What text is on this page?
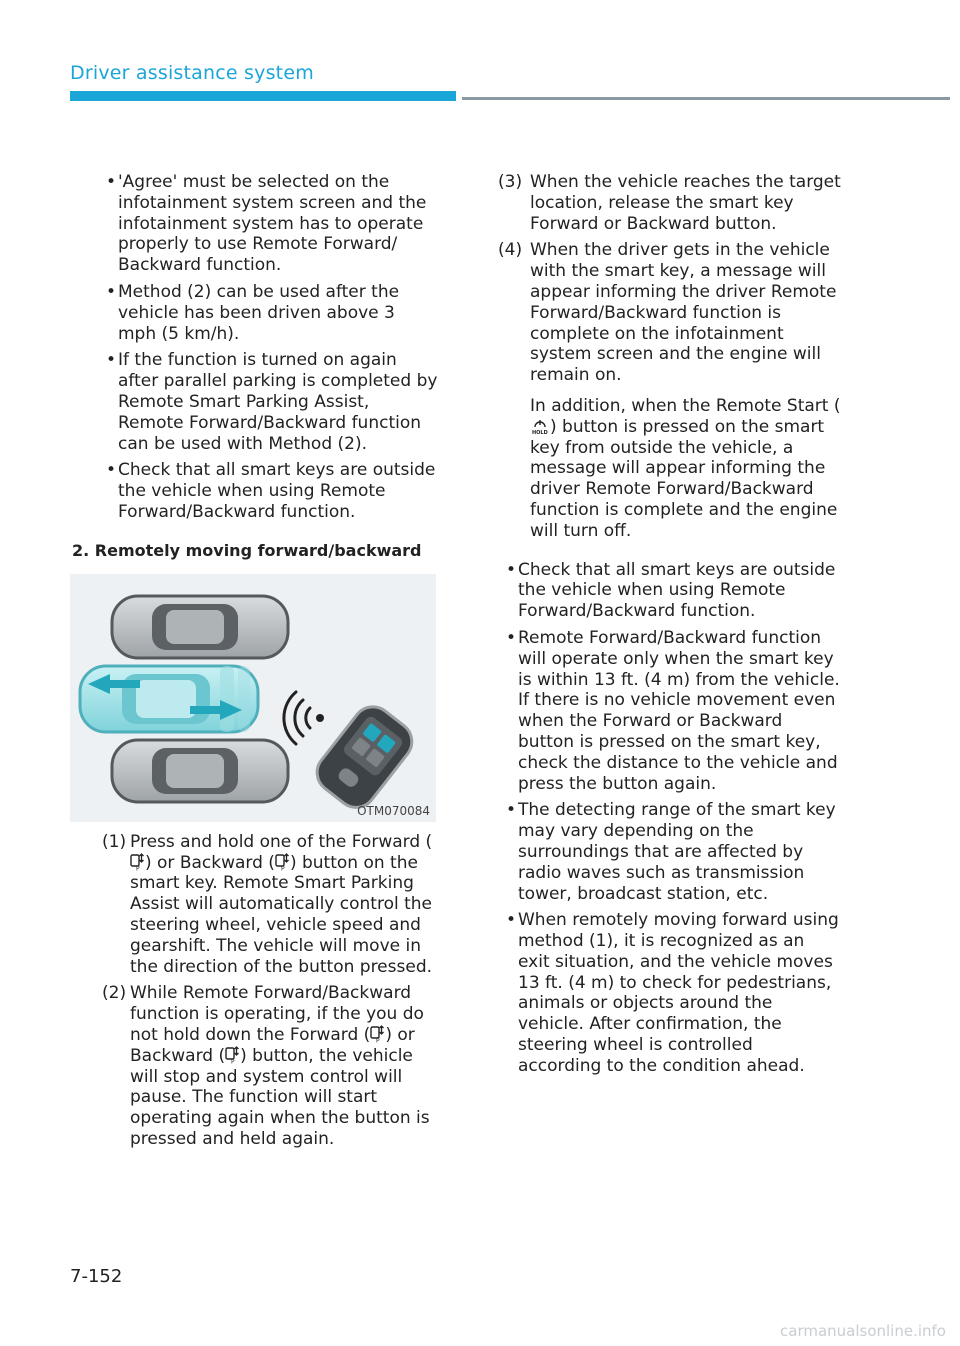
Driver assistance system
• 'Agree' must be selected on the infotainment system screen and the infotainment system has to operate properly to use Remote Forward/ Backward function.
• Method (2) can be used after the vehicle has been driven above 3 mph (5 km/h).
• If the function is turned on again after parallel parking is completed by Remote Smart Parking Assist, Remote Forward/Backward function can be used with Method (2).
• Check that all smart keys are outside the vehicle when using Remote Forward/Backward function.
2. Remotely moving forward/backward
OTM070084
(1) Press and hold one of the Forward (
P ) or Backward ( P ) button on the smart key. Remote Smart Parking Assist will automatically control the steering wheel, vehicle speed and gearshift. The vehicle will move in the direction of the button pressed.
(2) While Remote Forward/Backward function is operating, if the you do not hold down the Forward ( P ) or Backward ( P ) button, the vehicle will stop and system control will pause. The function will start operating again when the button is pressed and held again.
(3) When the vehicle reaches the target location, release the smart key Forward or Backward button.
(4) When the driver gets in the vehicle with the smart key, a message will appear informing the driver Remote Forward/Backward function is complete on the infotainment system screen and the engine will remain on.
In addition, when the Remote Start (
HOLD ) button is pressed on the smart key from outside the vehicle, a message will appear informing the driver Remote Forward/Backward function is complete and the engine will turn off.
• Check that all smart keys are outside the vehicle when using Remote Forward/Backward function.
• Remote Forward/Backward function will operate only when the smart key is within 13 ft. (4 m) from the vehicle. If there is no vehicle movement even when the Forward or Backward button is pressed on the smart key, check the distance to the vehicle and press the button again.
• The detecting range of the smart key may vary depending on the surroundings that are affected by radio waves such as transmission tower, broadcast station, etc.
• When remotely moving forward using method (1), it is recognized as an exit situation, and the vehicle moves 13 ft. (4 m) to check for pedestrians, animals or objects around the vehicle. After confirmation, the steering wheel is controlled according to the condition ahead.
7-152
carmanualsonline.info
